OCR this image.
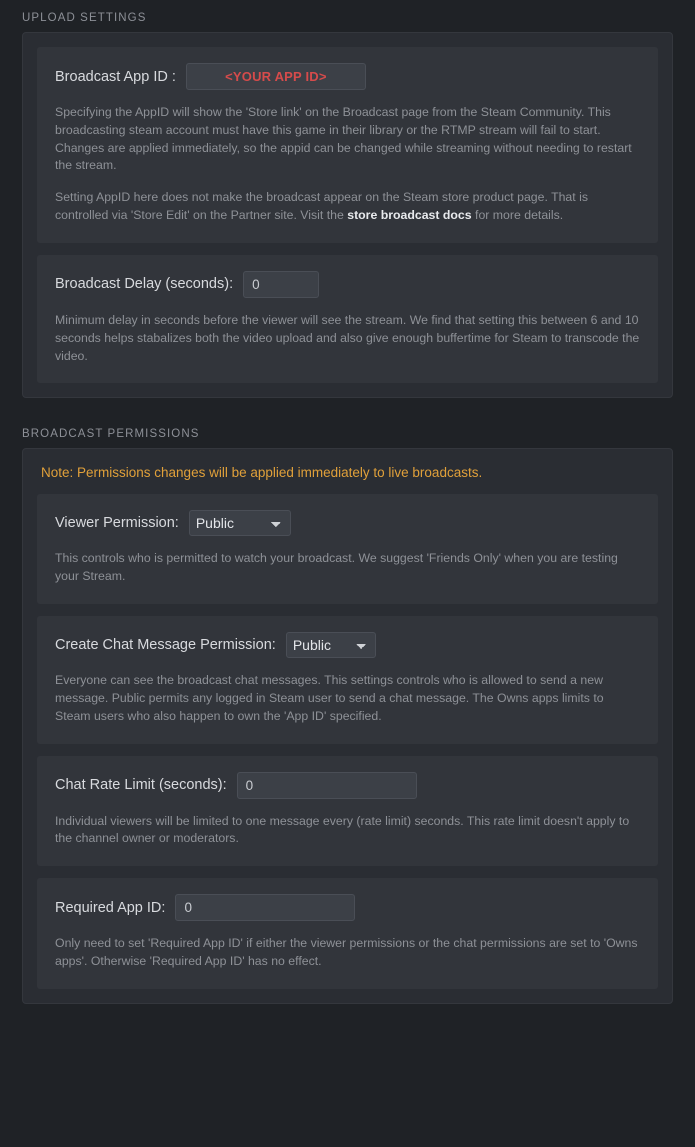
UPLOAD SETTINGS
Broadcast App ID :
<YOUR APP ID>
Specifying the AppID will show the 'Store link' on the Broadcast page from the Steam Community. This broadcasting steam account must have this game in their library or the RTMP stream will fail to start. Changes are applied immediately, so the appid can be changed while streaming without needing to restart the stream.
Setting AppID here does not make the broadcast appear on the Steam store product page. That is controlled via 'Store Edit' on the Partner site. Visit the store broadcast docs for more details.
Broadcast Delay (seconds):
0
Minimum delay in seconds before the viewer will see the stream. We find that setting this between 6 and 10 seconds helps stabalizes both the video upload and also give enough buffertime for Steam to transcode the video.
BROADCAST PERMISSIONS
Note: Permissions changes will be applied immediately to live broadcasts.
Viewer Permission:
Public
This controls who is permitted to watch your broadcast. We suggest 'Friends Only' when you are testing your Stream.
Create Chat Message Permission:
Public
Everyone can see the broadcast chat messages. This settings controls who is allowed to send a new message. Public permits any logged in Steam user to send a chat message. The Owns apps limits to Steam users who also happen to own the 'App ID' specified.
Chat Rate Limit (seconds):
0
Individual viewers will be limited to one message every (rate limit) seconds. This rate limit doesn't apply to the channel owner or moderators.
Required App ID:
0
Only need to set 'Required App ID' if either the viewer permissions or the chat permissions are set to 'Owns apps'. Otherwise 'Required App ID' has no effect.
